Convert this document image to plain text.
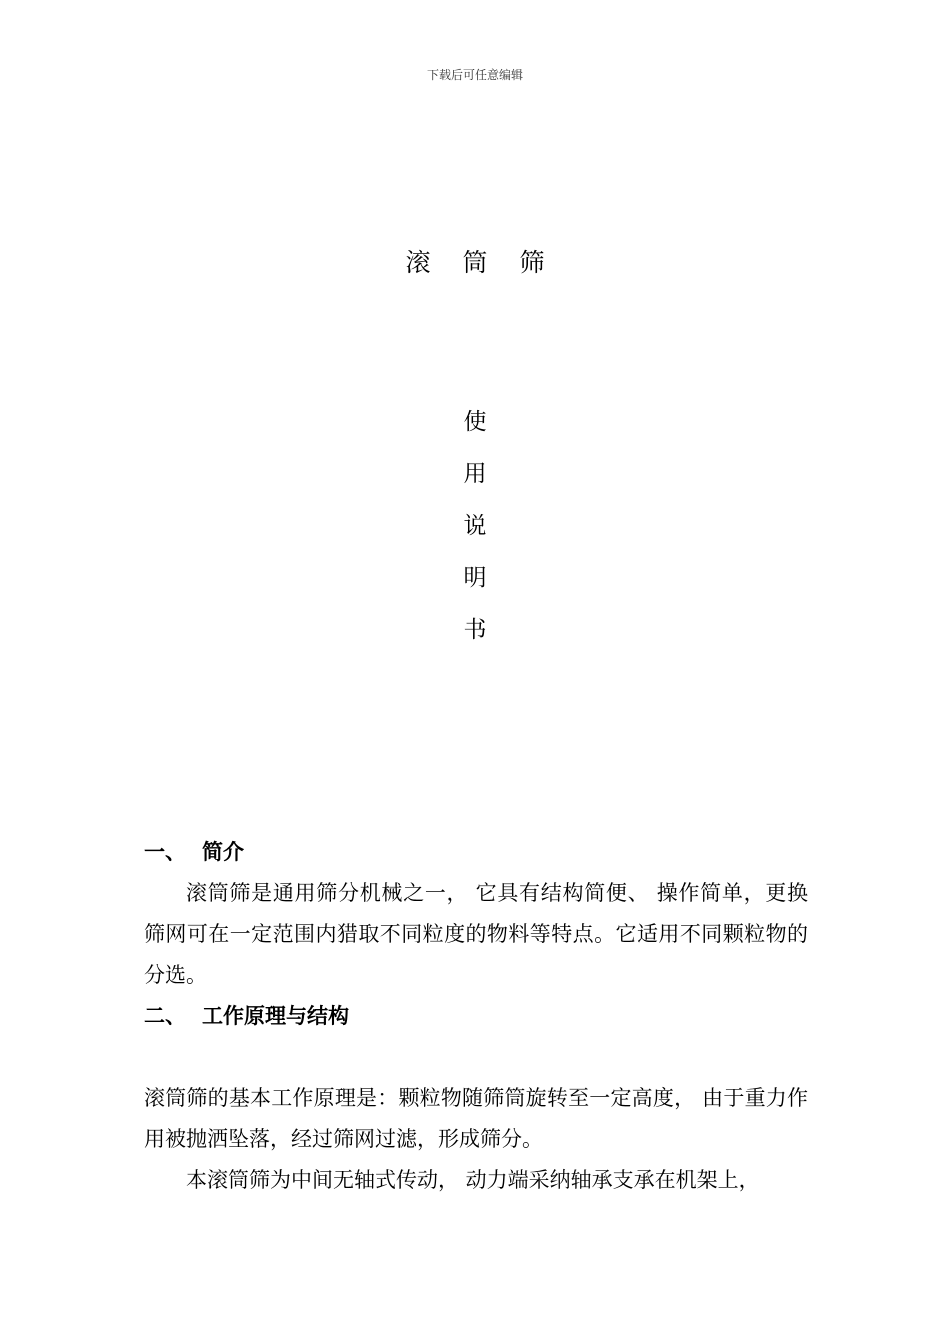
下载后可任意编辑
滚 筒 筛
使
用
说
明
书
一、 简介

滚筒筛是通用筛分机械之一， 它具有结构简便、 操作简单，更换筛网可在一定范围内猎取不同粒度的物料等特点。它适用不同颗粒物的分选。

二、 工作原理与结构

滚筒筛的基本工作原理是：颗粒物随筛筒旋转至一定高度， 由于重力作用被抛洒坠落，经过筛网过滤，形成筛分。

本滚筒筛为中间无轴式传动， 动力端采纳轴承支承在机架上，
